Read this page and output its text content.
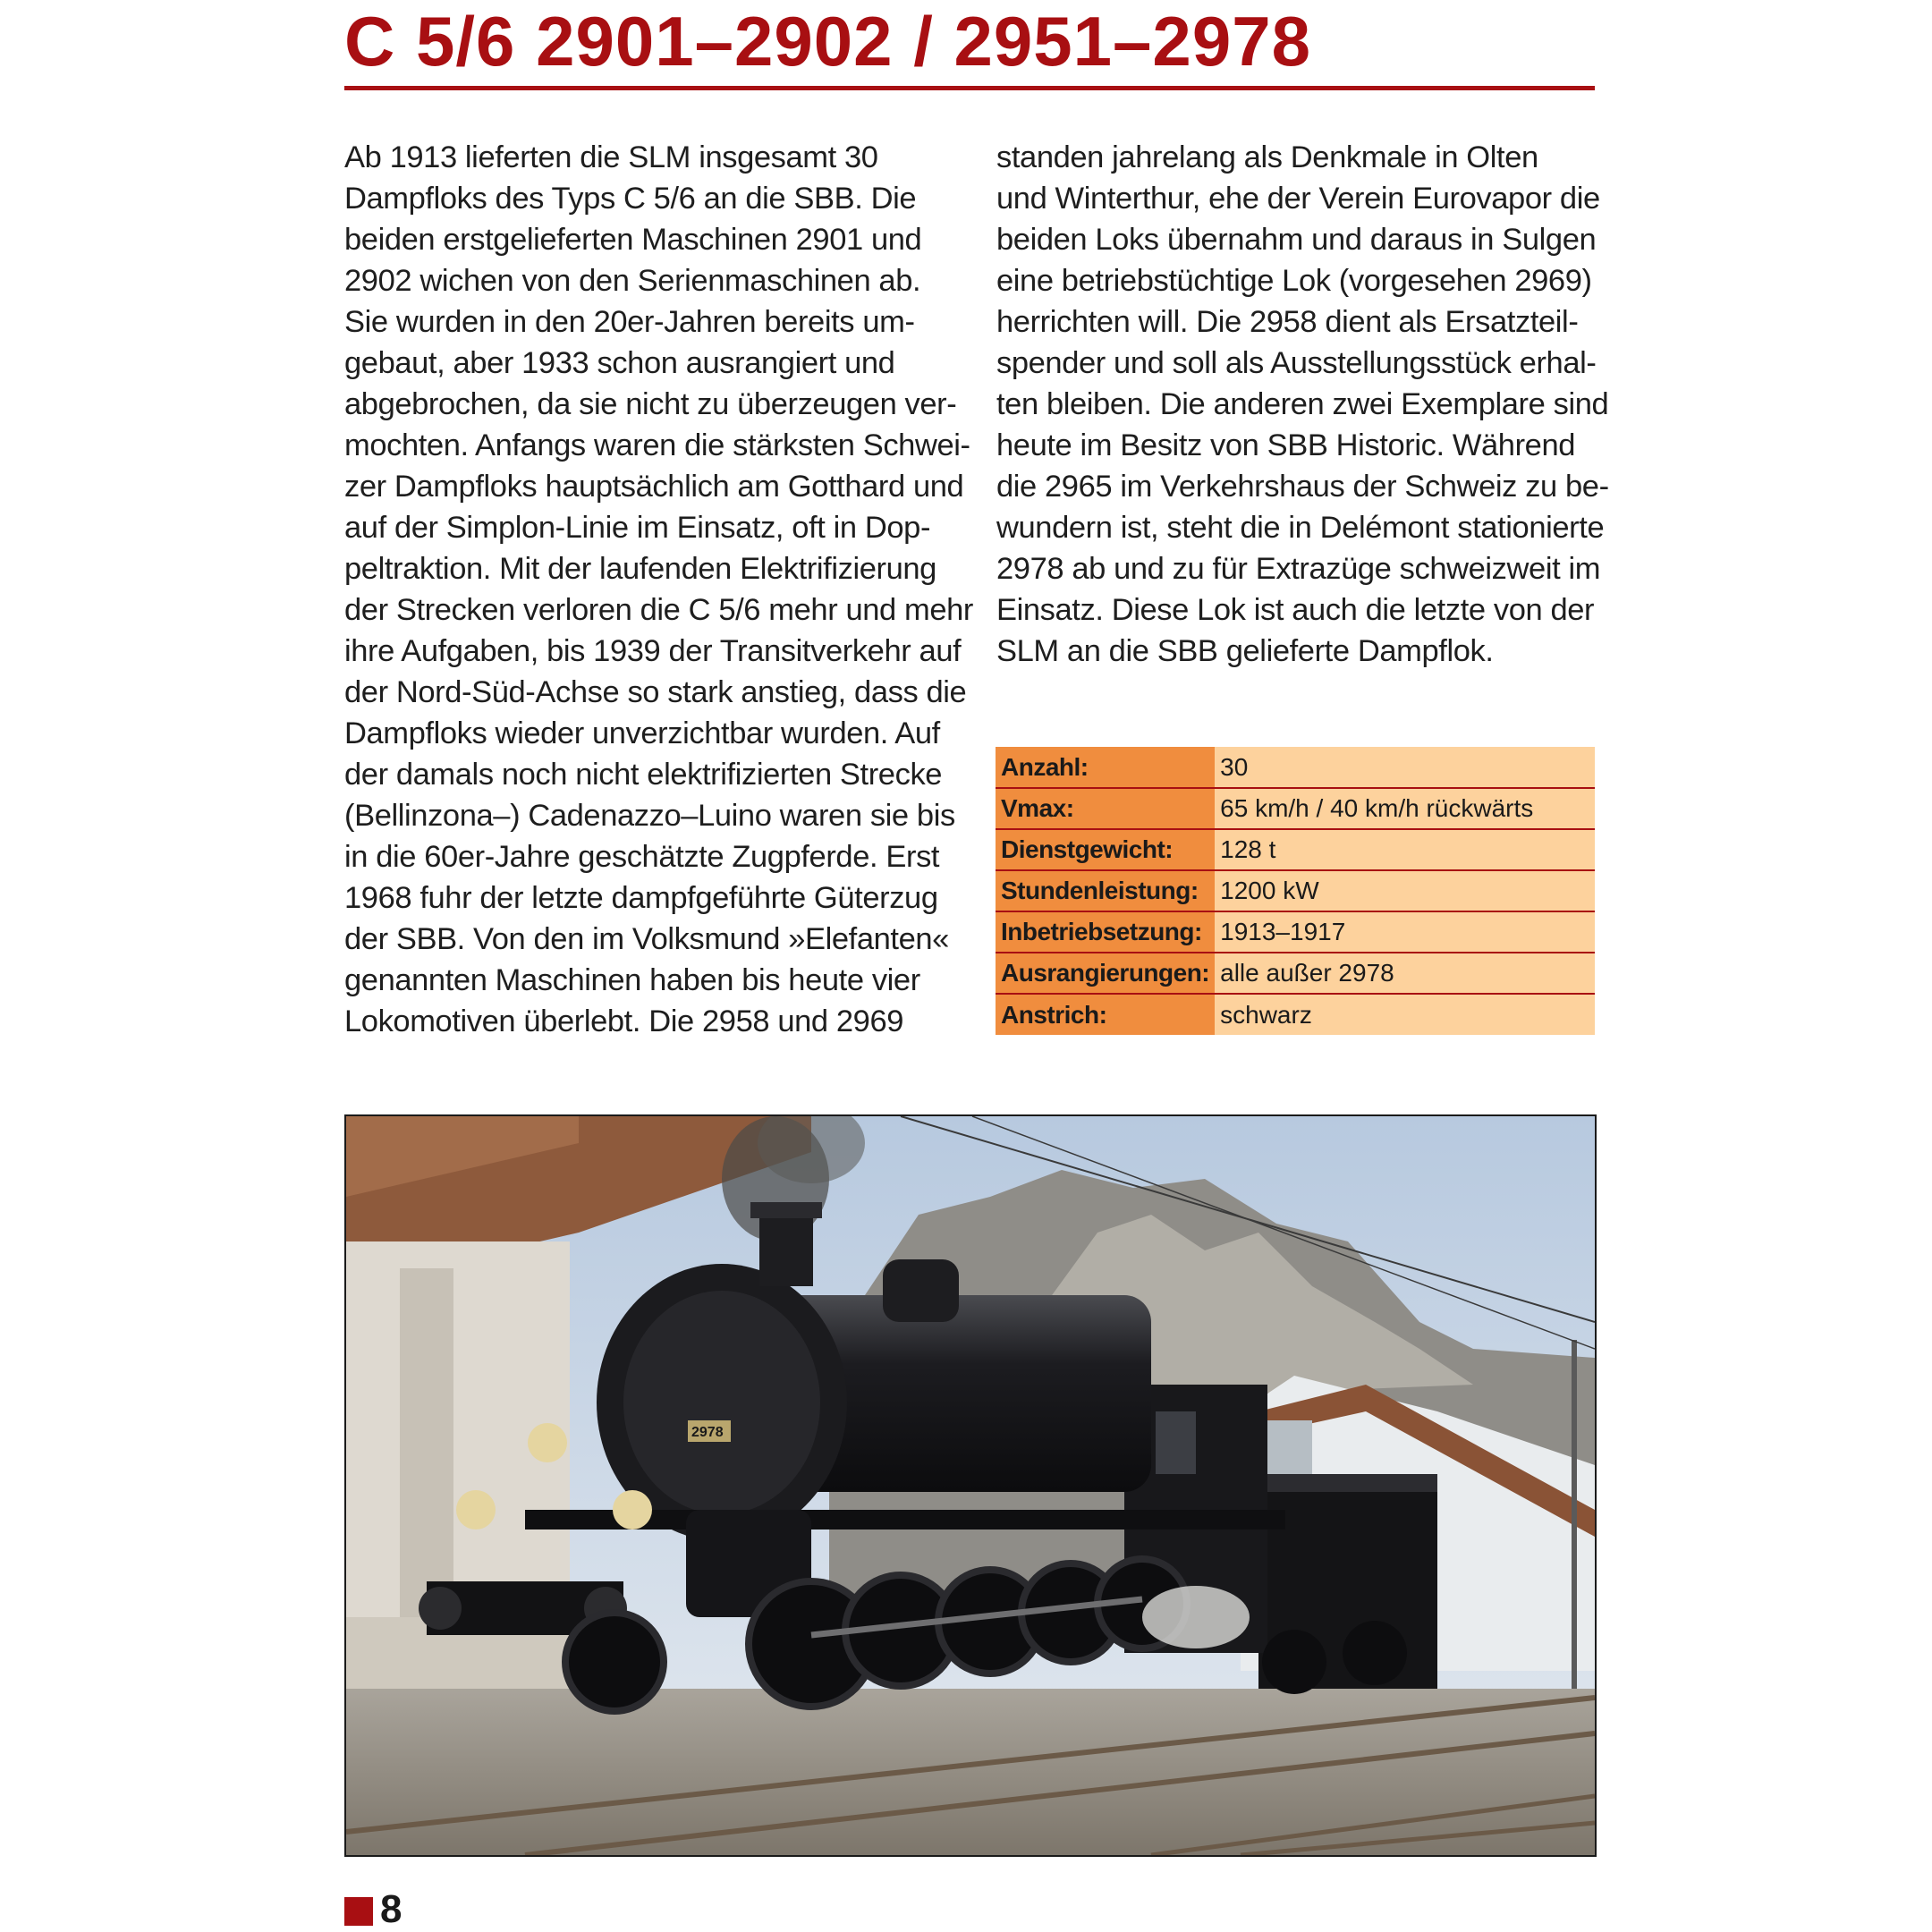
C 5/6 2901–2902 / 2951–2978
Ab 1913 lieferten die SLM insgesamt 30
Dampfloks des Typs C 5/6 an die SBB. Die
beiden erstgelieferten Maschinen 2901 und
2902 wichen von den Serienmaschinen ab.
Sie wurden in den 20er-Jahren bereits um-
gebaut, aber 1933 schon ausrangiert und
abgebrochen, da sie nicht zu überzeugen ver-
mochten. Anfangs waren die stärksten Schwei-
zer Dampfloks hauptsächlich am Gotthard und
auf der Simplon-Linie im Einsatz, oft in Dop-
peltraktion. Mit der laufenden Elektrifizierung
der Strecken verloren die C 5/6 mehr und mehr
ihre Aufgaben, bis 1939 der Transitverkehr auf
der Nord-Süd-Achse so stark anstieg, dass die
Dampfloks wieder unverzichtbar wurden. Auf
der damals noch nicht elektrifizierten Strecke
(Bellinzona–) Cadenazzo–Luino waren sie bis
in die 60er-Jahre geschätzte Zugpferde. Erst
1968 fuhr der letzte dampfgeführte Güterzug
der SBB. Von den im Volksmund »Elefanten«
genannten Maschinen haben bis heute vier
Lokomotiven überlebt. Die 2958 und 2969
standen jahrelang als Denkmale in Olten
und Winterthur, ehe der Verein Eurovapor die
beiden Loks übernahm und daraus in Sulgen
eine betriebstüchtige Lok (vorgesehen 2969)
herrichten will. Die 2958 dient als Ersatzteil-
spender und soll als Ausstellungsstück erhal-
ten bleiben. Die anderen zwei Exemplare sind
heute im Besitz von SBB Historic. Während
die 2965 im Verkehrshaus der Schweiz zu be-
wundern ist, steht die in Delémont stationierte
2978 ab und zu für Extrazüge schweizweit im
Einsatz. Diese Lok ist auch die letzte von der
SLM an die SBB gelieferte Dampflok.
Anzahl:	30
Vmax:	65 km/h / 40 km/h rückwärts
Dienstgewicht:	128 t
Stundenleistung:	1200 kW
Inbetriebsetzung:	1913–1917
Ausrangierungen:	alle außer 2978
Anstrich:	schwarz
2978
8
